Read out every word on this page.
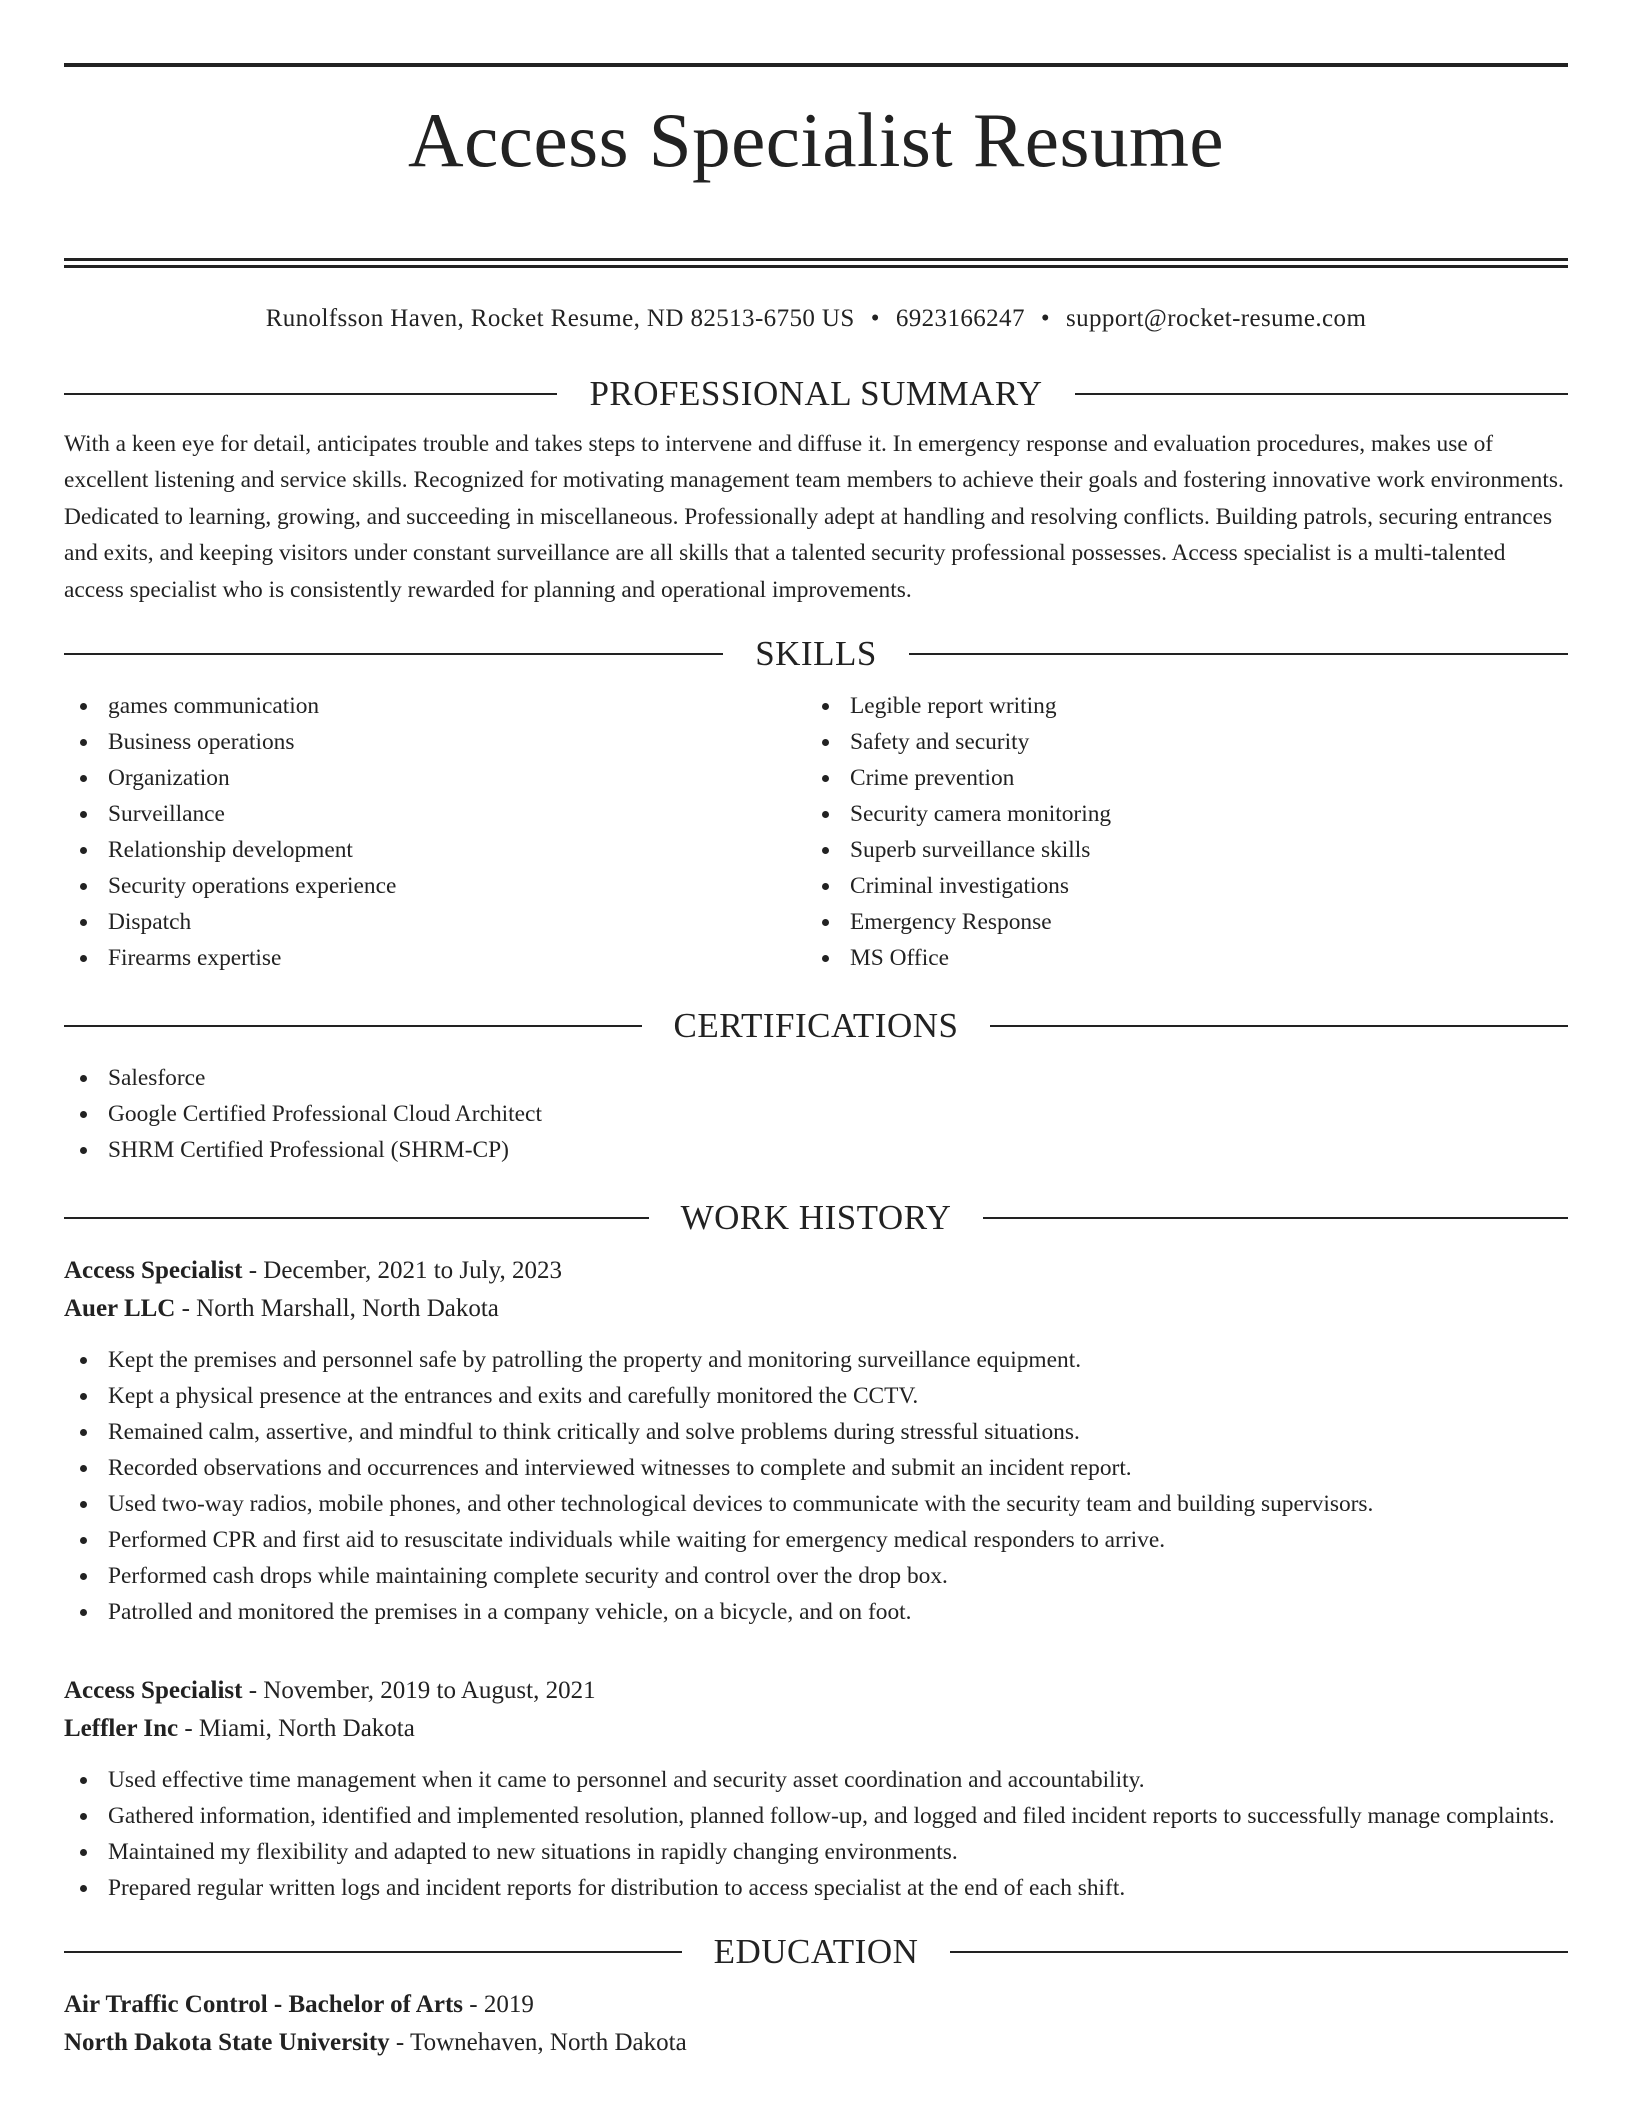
Access Specialist Resume
Runolfsson Haven, Rocket Resume, ND 82513-6750 US • 6923166247 • support@rocket-resume.com
PROFESSIONAL SUMMARY

With a keen eye for detail, anticipates trouble and takes steps to intervene and diffuse it. In emergency response and evaluation procedures, makes use of excellent listening and service skills. Recognized for motivating management team members to achieve their goals and fostering innovative work environments. Dedicated to learning, growing, and succeeding in miscellaneous. Professionally adept at handling and resolving conflicts. Building patrols, securing entrances and exits, and keeping visitors under constant surveillance are all skills that a talented security professional possesses. Access specialist is a multi-talented access specialist who is consistently rewarded for planning and operational improvements.

SKILLS
games communication
Business operations
Organization
Surveillance
Relationship development
Security operations experience
Dispatch
Firearms expertise
Legible report writing
Safety and security
Crime prevention
Security camera monitoring
Superb surveillance skills
Criminal investigations
Emergency Response
MS Office
CERTIFICATIONS
Salesforce
Google Certified Professional Cloud Architect
SHRM Certified Professional (SHRM-CP)
WORK HISTORY
Access Specialist - December, 2021 to July, 2023
Auer LLC - North Marshall, North Dakota
Kept the premises and personnel safe by patrolling the property and monitoring surveillance equipment.
Kept a physical presence at the entrances and exits and carefully monitored the CCTV.
Remained calm, assertive, and mindful to think critically and solve problems during stressful situations.
Recorded observations and occurrences and interviewed witnesses to complete and submit an incident report.
Used two-way radios, mobile phones, and other technological devices to communicate with the security team and building supervisors.
Performed CPR and first aid to resuscitate individuals while waiting for emergency medical responders to arrive.
Performed cash drops while maintaining complete security and control over the drop box.
Patrolled and monitored the premises in a company vehicle, on a bicycle, and on foot.
Access Specialist - November, 2019 to August, 2021
Leffler Inc - Miami, North Dakota
Used effective time management when it came to personnel and security asset coordination and accountability.
Gathered information, identified and implemented resolution, planned follow-up, and logged and filed incident reports to successfully manage complaints.
Maintained my flexibility and adapted to new situations in rapidly changing environments.
Prepared regular written logs and incident reports for distribution to access specialist at the end of each shift.
EDUCATION
Air Traffic Control - Bachelor of Arts - 2019
North Dakota State University - Townehaven, North Dakota
